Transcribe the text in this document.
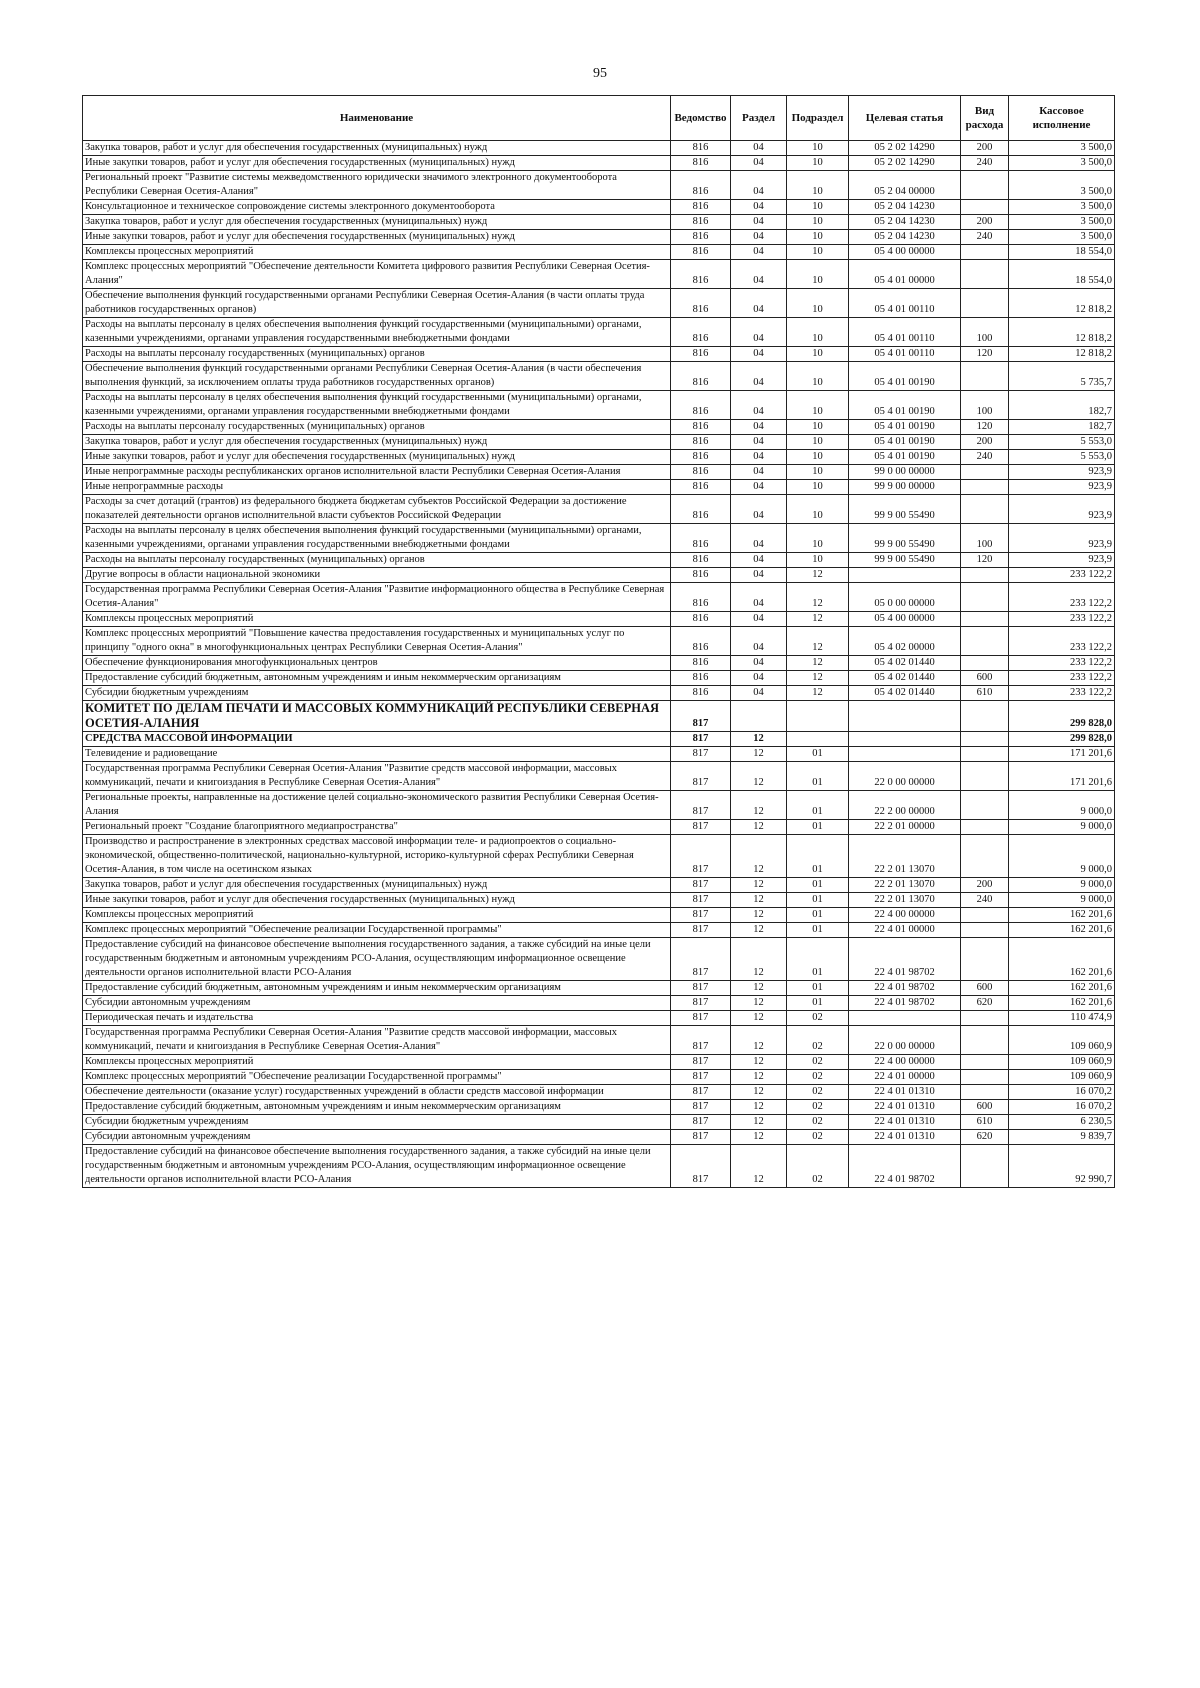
95
Наименование	Ведомство	Раздел	Подраздел	Целевая статья	Вид расхода	Кассовое исполнение
Закупка товаров, работ и услуг для обеспечения государственных (муниципальных) нужд	816	04	10	05 2 02 14290	200	3 500,0
Иные закупки товаров, работ и услуг для обеспечения государственных (муниципальных) нужд	816	04	10	05 2 02 14290	240	3 500,0
Региональный проект "Развитие системы межведомственного юридически значимого электронного документооборота Республики Северная Осетия-Алания"	816	04	10	05 2 04 00000		3 500,0
Консультационное и техническое сопровождение системы электронного документооборота	816	04	10	05 2 04 14230		3 500,0
Закупка товаров, работ и услуг для обеспечения государственных (муниципальных) нужд	816	04	10	05 2 04 14230	200	3 500,0
Иные закупки товаров, работ и услуг для обеспечения государственных (муниципальных) нужд	816	04	10	05 2 04 14230	240	3 500,0
Комплексы процессных мероприятий	816	04	10	05 4 00 00000		18 554,0
Комплекс процессных мероприятий "Обеспечение деятельности Комитета цифрового развития Республики Северная Осетия-Алания"	816	04	10	05 4 01 00000		18 554,0
Обеспечение выполнения функций государственными органами Республики Северная Осетия-Алания (в части оплаты труда работников государственных органов)	816	04	10	05 4 01 00110		12 818,2
Расходы на выплаты персоналу в целях обеспечения выполнения функций государственными (муниципальными) органами, казенными учреждениями, органами управления государственными внебюджетными фондами	816	04	10	05 4 01 00110	100	12 818,2
Расходы на выплаты персоналу государственных (муниципальных) органов	816	04	10	05 4 01 00110	120	12 818,2
Обеспечение выполнения функций государственными органами Республики Северная Осетия-Алания (в части обеспечения выполнения функций, за исключением оплаты труда работников государственных органов)	816	04	10	05 4 01 00190		5 735,7
Расходы на выплаты персоналу в целях обеспечения выполнения функций государственными (муниципальными) органами, казенными учреждениями, органами управления государственными внебюджетными фондами	816	04	10	05 4 01 00190	100	182,7
Расходы на выплаты персоналу государственных (муниципальных) органов	816	04	10	05 4 01 00190	120	182,7
Закупка товаров, работ и услуг для обеспечения государственных (муниципальных) нужд	816	04	10	05 4 01 00190	200	5 553,0
Иные закупки товаров, работ и услуг для обеспечения государственных (муниципальных) нужд	816	04	10	05 4 01 00190	240	5 553,0
Иные непрограммные расходы республиканских органов исполнительной власти Республики Северная Осетия-Алания	816	04	10	99 0 00 00000		923,9
Иные непрограммные расходы	816	04	10	99 9 00 00000		923,9
Расходы за счет дотаций (грантов) из федерального бюджета бюджетам субъектов Российской Федерации за достижение показателей деятельности органов исполнительной власти субъектов Российской Федерации	816	04	10	99 9 00 55490		923,9
Расходы на выплаты персоналу в целях обеспечения выполнения функций государственными (муниципальными) органами, казенными учреждениями, органами управления государственными внебюджетными фондами	816	04	10	99 9 00 55490	100	923,9
Расходы на выплаты персоналу государственных (муниципальных) органов	816	04	10	99 9 00 55490	120	923,9
Другие вопросы в области национальной экономики	816	04	12			233 122,2
Государственная программа Республики Северная Осетия-Алания "Развитие информационного общества в Республике Северная Осетия-Алания"	816	04	12	05 0 00 00000		233 122,2
Комплексы процессных мероприятий	816	04	12	05 4 00 00000		233 122,2
Комплекс процессных мероприятий "Повышение качества предоставления государственных и муниципальных услуг по принципу "одного окна" в многофункциональных центрах Республики Северная Осетия-Алания"	816	04	12	05 4 02 00000		233 122,2
Обеспечение функционирования многофункциональных центров	816	04	12	05 4 02 01440		233 122,2
Предоставление субсидий бюджетным, автономным учреждениям и иным некоммерческим организациям	816	04	12	05 4 02 01440	600	233 122,2
Субсидии бюджетным учреждениям	816	04	12	05 4 02 01440	610	233 122,2
КОМИТЕТ ПО ДЕЛАМ ПЕЧАТИ И МАССОВЫХ КОММУНИКАЦИЙ РЕСПУБЛИКИ СЕВЕРНАЯ ОСЕТИЯ-АЛАНИЯ	817					299 828,0
СРЕДСТВА МАССОВОЙ ИНФОРМАЦИИ	817	12				299 828,0
Телевидение и радиовещание	817	12	01			171 201,6
Государственная программа Республики Северная Осетия-Алания "Развитие средств массовой информации, массовых коммуникаций, печати и книгоиздания в Республике Северная Осетия-Алания"	817	12	01	22 0 00 00000		171 201,6
Региональные проекты, направленные на достижение целей социально-экономического развития Республики Северная Осетия-Алания	817	12	01	22 2 00 00000		9 000,0
Региональный проект "Создание благоприятного медиапространства"	817	12	01	22 2 01 00000		9 000,0
Производство и распространение в электронных средствах массовой информации теле- и радиопроектов о социально-экономической, общественно-политической, национально-культурной, историко-культурной сферах Республики Северная Осетия-Алания, в том числе на осетинском языках	817	12	01	22 2 01 13070		9 000,0
Закупка товаров, работ и услуг для обеспечения государственных (муниципальных) нужд	817	12	01	22 2 01 13070	200	9 000,0
Иные закупки товаров, работ и услуг для обеспечения государственных (муниципальных) нужд	817	12	01	22 2 01 13070	240	9 000,0
Комплексы процессных мероприятий	817	12	01	22 4 00 00000		162 201,6
Комплекс процессных мероприятий "Обеспечение реализации Государственной программы"	817	12	01	22 4 01 00000		162 201,6
Предоставление субсидий на финансовое обеспечение выполнения государственного задания, а также субсидий на иные цели государственным бюджетным и автономным учреждениям РСО-Алания, осуществляющим информационное освещение деятельности органов исполнительной власти РСО-Алания	817	12	01	22 4 01 98702		162 201,6
Предоставление субсидий бюджетным, автономным учреждениям и иным некоммерческим организациям	817	12	01	22 4 01 98702	600	162 201,6
Субсидии автономным учреждениям	817	12	01	22 4 01 98702	620	162 201,6
Периодическая печать и издательства	817	12	02			110 474,9
Государственная программа Республики Северная Осетия-Алания "Развитие средств массовой информации, массовых коммуникаций, печати и книгоиздания в Республике Северная Осетия-Алания"	817	12	02	22 0 00 00000		109 060,9
Комплексы процессных мероприятий	817	12	02	22 4 00 00000		109 060,9
Комплекс процессных мероприятий "Обеспечение реализации Государственной программы"	817	12	02	22 4 01 00000		109 060,9
Обеспечение деятельности (оказание услуг) государственных учреждений в области средств массовой информации	817	12	02	22 4 01 01310		16 070,2
Предоставление субсидий бюджетным, автономным учреждениям и иным некоммерческим организациям	817	12	02	22 4 01 01310	600	16 070,2
Субсидии бюджетным учреждениям	817	12	02	22 4 01 01310	610	6 230,5
Субсидии автономным учреждениям	817	12	02	22 4 01 01310	620	9 839,7
Предоставление субсидий на финансовое обеспечение выполнения государственного задания, а также субсидий на иные цели государственным бюджетным и автономным учреждениям РСО-Алания, осуществляющим информационное освещение деятельности органов исполнительной власти РСО-Алания	817	12	02	22 4 01 98702		92 990,7
